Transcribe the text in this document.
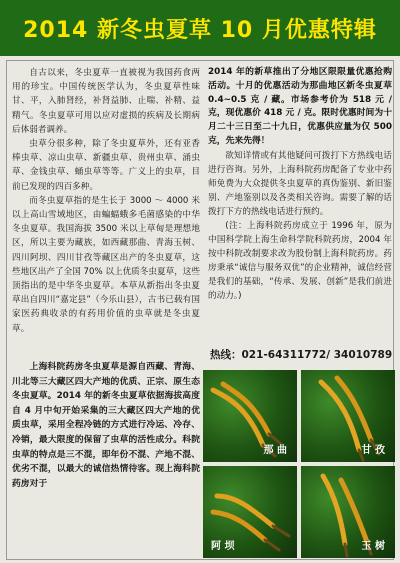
2014 新冬虫夏草 10 月优惠特辑

自古以来，冬虫夏草一直被视为我国药食两用的珍宝。中国传统医学认为，冬虫夏草性味甘、平，入肺肾经，补肾益肺、止喘、补精、益精气。冬虫夏草可用以应对虚损的疾病及长期病后体弱者调养。

虫草分很多种，除了冬虫夏草外，还有亚香棒虫草、凉山虫草、新疆虫草、贵州虫草、涌虫草、金钱虫草、蛹虫草等等。广义上的虫草，目前已发现的四百多种。

而冬虫夏草指的是生长于 3000 ～ 4000 米以上高山雪域地区，由蝙蝠蛾多毛菌感染的中华冬虫夏草。我国海拔 3500 米以上草甸是理想地区，所以主要为藏族，如西藏那曲、青海玉树、四川阿坝、四川甘孜等藏区出产的冬虫夏草，这些地区出产了全国 70% 以上优质冬虫夏草，这些顶指出的是中华冬虫夏草。本草从新指出冬虫夏草出自四川“嘉定县”（今乐山县），古书已载有国家医药典收录的有药用价值的虫草就是冬虫夏草。

2014 年的新草推出了分地区限限量优惠抢购活动。十月的优惠活动为那曲地区新冬虫夏草 0.4~0.5 克 / 藏。市场参考价为 518 元 / 克，现优惠价 418 元 / 克。限时优惠时间为十月二十三日至二十九日，优惠供应量为仅 500 克，先来先得！

欲知详情或有其他疑问可拨打下方热线电话进行咨询。另外，上海科院药房配备了专业中药师免费为大众提供冬虫夏草的真伪鉴别、新旧鉴别、产地鉴别以及各类相关咨询。需要了解的话拨打下方的热线电话进行预约。

(注：上海科院药房成立于 1996 年，原为中国科学院上海生命科学院科院药房，2004 年按中科院改制要求改为股份制上海科院药房。药房秉承“诚信与服务双优”的企业精神，诚信经营是我们的基础，“传承、发展、创新”是我们前进的动力。)

热线：021-64311772/ 34010789

上海科院药房冬虫夏草是源自西藏、青海、川北等三大藏区四大产地的优质、正宗、原生态冬虫夏草。2014 年的新冬虫夏草依据海拔高度自 4 月中旬开始采集的三大藏区四大产地的优质虫草，采用全程冷链的方式进行冷运、冷存、冷销，最大限度的保留了虫草的活性成分。科院虫草的特点是三不混，即年份不混、产地不混、优劣不混，以最大的诚信热情待客。现上海科院药房对于

那 曲	甘 孜
阿 坝	玉 树
